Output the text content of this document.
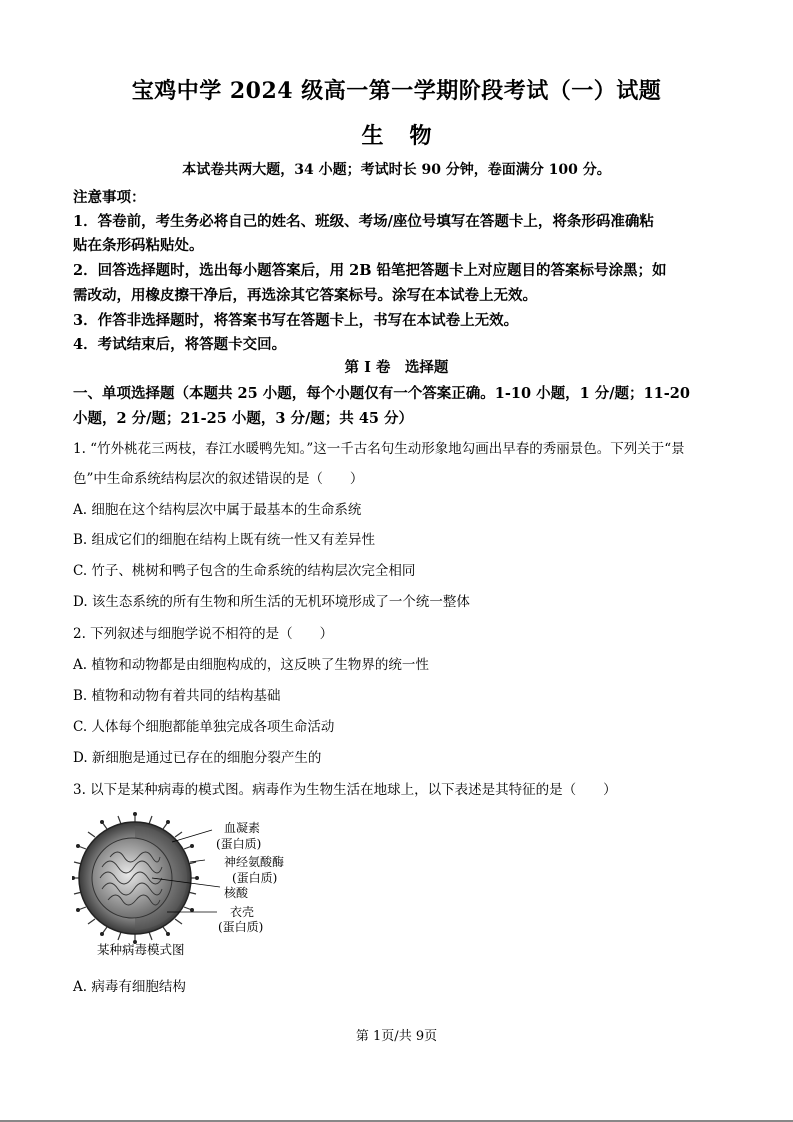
宝鸡中学 2024 级高一第一学期阶段考试（一）试题
生物
本试卷共两大题，34 小题；考试时长 90 分钟，卷面满分 100 分。
注意事项：
1．答卷前，考生务必将自己的姓名、班级、考场/座位号填写在答题卡上，将条形码准确粘
贴在条形码粘贴处。
2．回答选择题时，选出每小题答案后，用 2B 铅笔把答题卡上对应题目的答案标号涂黑；如
需改动，用橡皮擦干净后，再选涂其它答案标号。涂写在本试卷上无效。
3．作答非选择题时，将答案书写在答题卡上，书写在本试卷上无效。
4．考试结束后，将答题卡交回。
第 I 卷　选择题
一、单项选择题（本题共 25 小题，每个小题仅有一个答案正确。1-10 小题，1 分/题；11-20
小题，2 分/题；21-25 小题，3 分/题；共 45 分）
1. “竹外桃花三两枝，春江水暖鸭先知。”这一千古名句生动形象地勾画出早春的秀丽景色。下列关于“景
色”中生命系统结构层次的叙述错误的是（　　）
A. 细胞在这个结构层次中属于最基本的生命系统
B. 组成它们的细胞在结构上既有统一性又有差异性
C. 竹子、桃树和鸭子包含的生命系统的结构层次完全相同
D. 该生态系统的所有生物和所生活的无机环境形成了一个统一整体
2. 下列叙述与细胞学说不相符的是（　　）
A. 植物和动物都是由细胞构成的，这反映了生物界的统一性
B. 植物和动物有着共同的结构基础
C. 人体每个细胞都能单独完成各项生命活动
D. 新细胞是通过已存在的细胞分裂产生的
3. 以下是某种病毒的模式图。病毒作为生物生活在地球上，以下表述是其特征的是（　　）
血凝素
(蛋白质)
神经氨酸酶
(蛋白质)
核酸
衣壳
(蛋白质)
某种病毒模式图
A. 病毒有细胞结构
第 1页/共 9页
